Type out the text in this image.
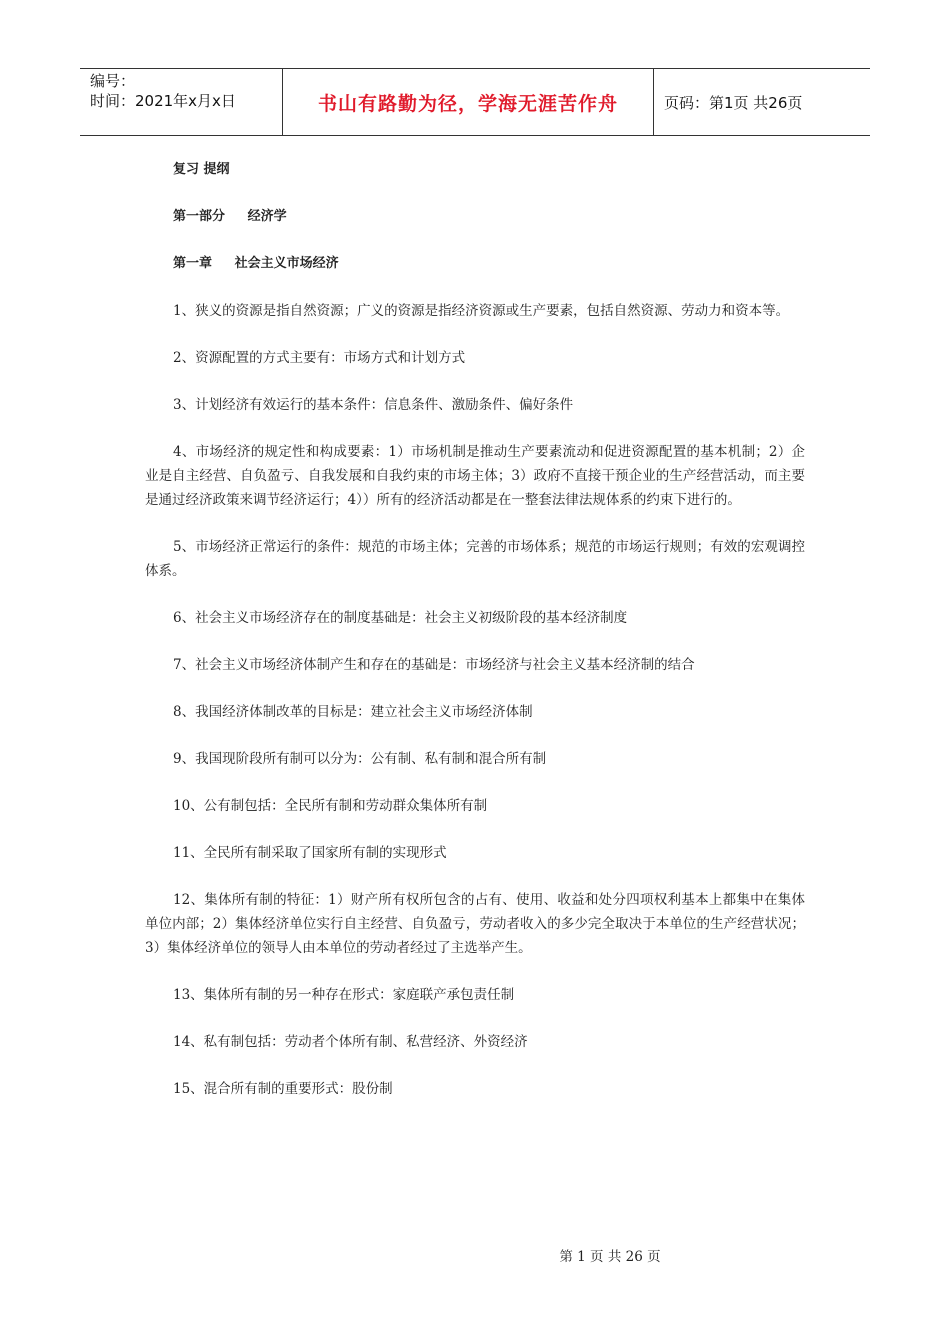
编号：
时间：2021年x月x日	书山有路勤为径，学海无涯苦作舟	页码：第1页 共26页
复习 提纲
第一部分     经济学
第一章     社会主义市场经济

1、狭义的资源是指自然资源；广义的资源是指经济资源或生产要素，包括自然资源、劳动力和资本等。

2、资源配置的方式主要有：市场方式和计划方式

3、计划经济有效运行的基本条件：信息条件、激励条件、偏好条件

4、市场经济的规定性和构成要素：1）市场机制是推动生产要素流动和促进资源配置的基本机制；2）企业是自主经营、自负盈亏、自我发展和自我约束的市场主体；3）政府不直接干预企业的生产经营活动，而主要是通过经济政策来调节经济运行；4））所有的经济活动都是在一整套法律法规体系的约束下进行的。

5、市场经济正常运行的条件：规范的市场主体；完善的市场体系；规范的市场运行规则；有效的宏观调控体系。

6、社会主义市场经济存在的制度基础是：社会主义初级阶段的基本经济制度

7、社会主义市场经济体制产生和存在的基础是：市场经济与社会主义基本经济制的结合

8、我国经济体制改革的目标是：建立社会主义市场经济体制

9、我国现阶段所有制可以分为：公有制、私有制和混合所有制

10、公有制包括：全民所有制和劳动群众集体所有制

11、全民所有制采取了国家所有制的实现形式

12、集体所有制的特征：1）财产所有权所包含的占有、使用、收益和处分四项权利基本上都集中在集体单位内部；2）集体经济单位实行自主经营、自负盈亏，劳动者收入的多少完全取决于本单位的生产经营状况；3）集体经济单位的领导人由本单位的劳动者经过了主选举产生。

13、集体所有制的另一种存在形式：家庭联产承包责任制

14、私有制包括：劳动者个体所有制、私营经济、外资经济

15、混合所有制的重要形式：股份制

第 1 页 共 26 页
